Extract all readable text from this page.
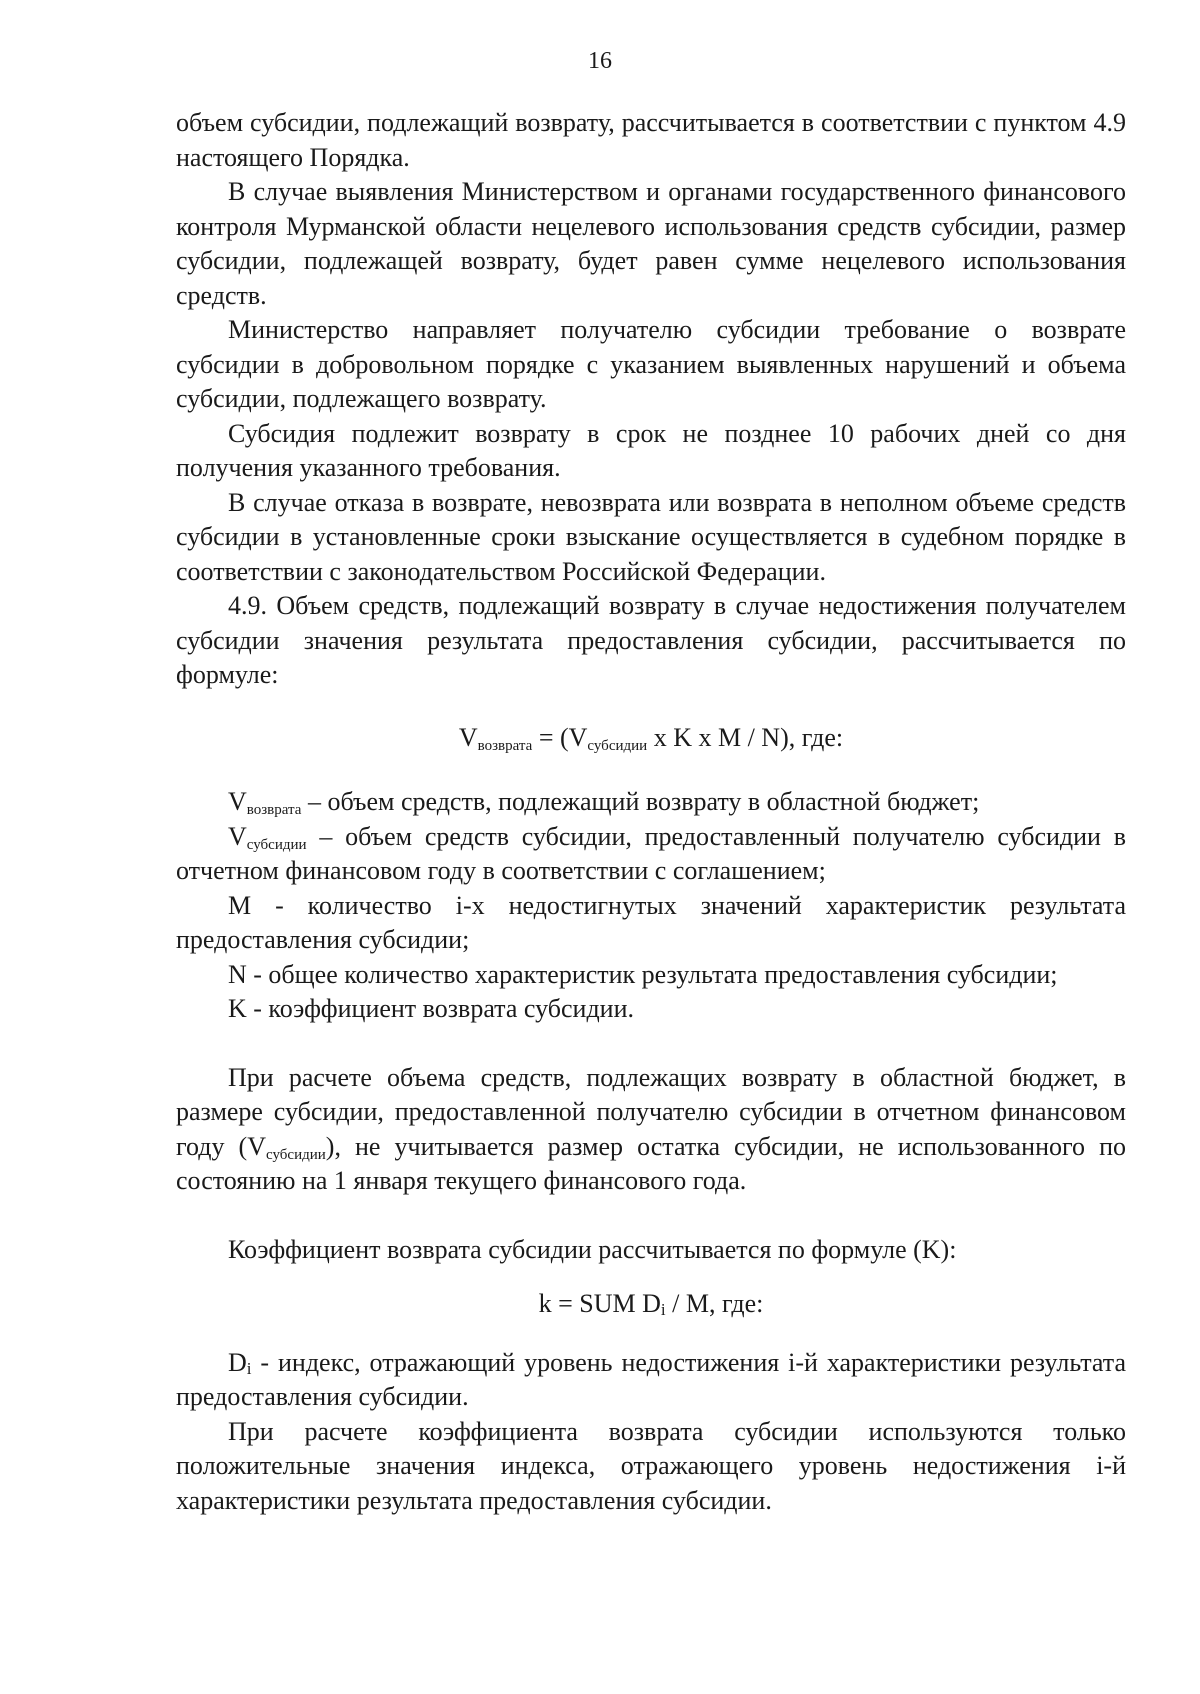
16

объем субсидии, подлежащий возврату, рассчитывается в соответствии с пунктом 4.9 настоящего Порядка.

В случае выявления Министерством и органами государственного финансового контроля Мурманской области нецелевого использования средств субсидии, размер субсидии, подлежащей возврату, будет равен сумме нецелевого использования средств.

Министерство направляет получателю субсидии требование о возврате субсидии в добровольном порядке с указанием выявленных нарушений и объема субсидии, подлежащего возврату.

Субсидия подлежит возврату в срок не позднее 10 рабочих дней со дня получения указанного требования.

В случае отказа в возврате, невозврата или возврата в неполном объеме средств субсидии в установленные сроки взыскание осуществляется в судебном порядке в соответствии с законодательством Российской Федерации.

4.9. Объем средств, подлежащий возврату в случае недостижения получателем субсидии значения результата предоставления субсидии, рассчитывается по формуле:

$V_{возврата} = (V_{субсидии}$ x K x M / N), где:

$V_{возврата}$ – объем средств, подлежащий возврату в областной бюджет;

$V_{субсидии}$ – объем средств субсидии, предоставленный получателю субсидии в отчетном финансовом году в соответствии с соглашением;

M - количество i-х недостигнутых значений характеристик результата предоставления субсидии;

N - общее количество характеристик результата предоставления субсидии;

K - коэффициент возврата субсидии.

При расчете объема средств, подлежащих возврату в областной бюджет, в размере субсидии, предоставленной получателю субсидии в отчетном финансовом году $(V_{субсидии})$, не учитывается размер остатка субсидии, не использованного по состоянию на 1 января текущего финансового года.

Коэффициент возврата субсидии рассчитывается по формуле (K):

k = SUM $D_i$ / M, где:

$D_i$ - индекс, отражающий уровень недостижения i-й характеристики результата предоставления субсидии.

При расчете коэффициента возврата субсидии используются только положительные значения индекса, отражающего уровень недостижения i-й характеристики результата предоставления субсидии.
